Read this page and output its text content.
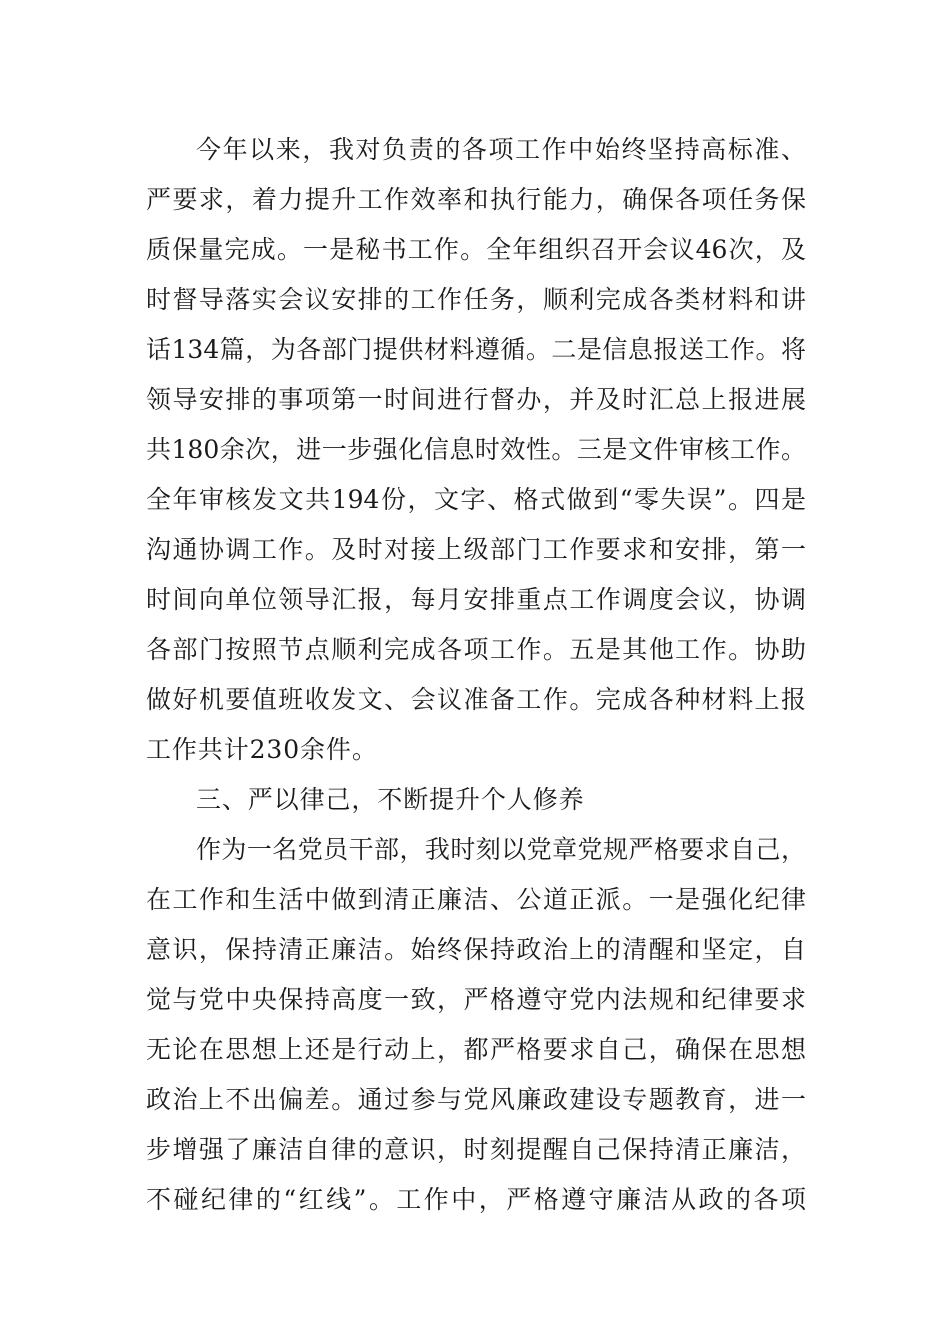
今年以来，我对负责的各项工作中始终坚持高标准、
严要求，着力提升工作效率和执行能力，确保各项任务保
质保量完成。一是秘书工作。全年组织召开会议46次，及
时督导落实会议安排的工作任务，顺利完成各类材料和讲
话134篇，为各部门提供材料遵循。二是信息报送工作。将
领导安排的事项第一时间进行督办，并及时汇总上报进展
共180余次，进一步强化信息时效性。三是文件审核工作。
全年审核发文共194份，文字、格式做到“零失误”。四是
沟通协调工作。及时对接上级部门工作要求和安排，第一
时间向单位领导汇报，每月安排重点工作调度会议，协调
各部门按照节点顺利完成各项工作。五是其他工作。协助
做好机要值班收发文、会议准备工作。完成各种材料上报
工作共计230余件。
三、严以律己，不断提升个人修养
作为一名党员干部，我时刻以党章党规严格要求自己，
在工作和生活中做到清正廉洁、公道正派。一是强化纪律
意识，保持清正廉洁。始终保持政治上的清醒和坚定，自
觉与党中央保持高度一致，严格遵守党内法规和纪律要求
无论在思想上还是行动上，都严格要求自己，确保在思想
政治上不出偏差。通过参与党风廉政建设专题教育，进一
步增强了廉洁自律的意识，时刻提醒自己保持清正廉洁，
不碰纪律的“红线”。工作中，严格遵守廉洁从政的各项
